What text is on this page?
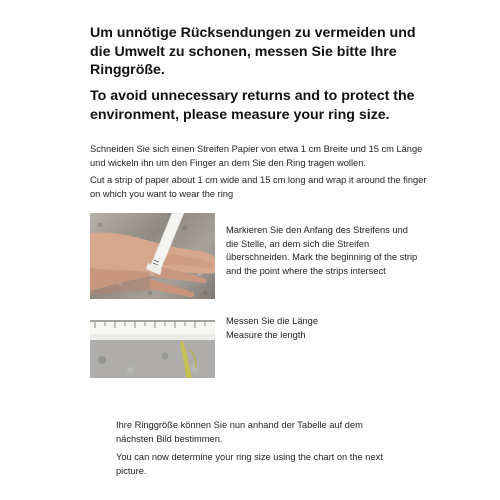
Um unnötige Rücksendungen zu vermeiden und die Umwelt zu schonen, messen Sie bitte Ihre Ringgröße.
To avoid unnecessary returns and to protect the environment, please measure your ring size.
Schneiden Sie sich einen Streifen Papier von etwa 1 cm Breite und 15 cm Länge und wickeln ihn um den Finger an dem Sie den Ring tragen wollen.
Cut a strip of paper about 1 cm wide and 15 cm long and wrap it around the finger on which you want to wear the ring
Markieren Sie den Anfang des Streifens und die Stelle, an dem sich die Streifen überschneiden. Mark the beginning of the strip and the point where the strips intersect
Messen Sie die Länge
Measure the length
Ihre Ringgröße können Sie nun anhand der Tabelle auf dem nächsten Bild bestimmen.
You can now determine your ring size using the chart on the next picture.
